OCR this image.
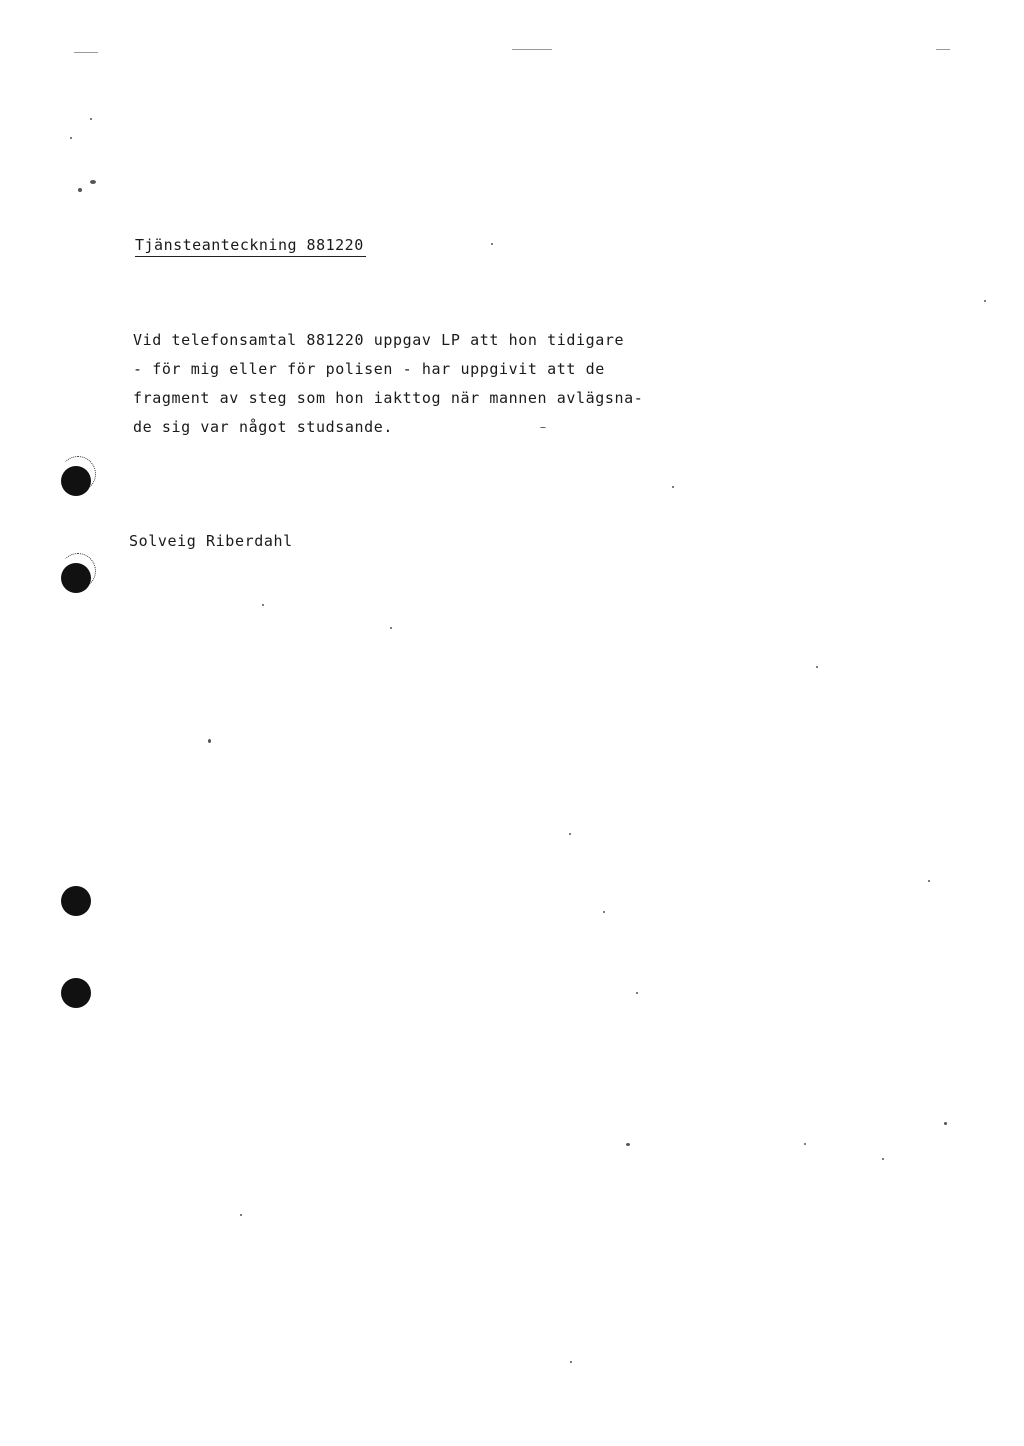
Tjänsteanteckning 881220
Vid telefonsamtal 881220 uppgav LP att hon tidigare
- för mig eller för polisen - har uppgivit att de
fragment av steg som hon iakttog när mannen avlägsna-
de sig var något studsande.
Solveig Riberdahl
